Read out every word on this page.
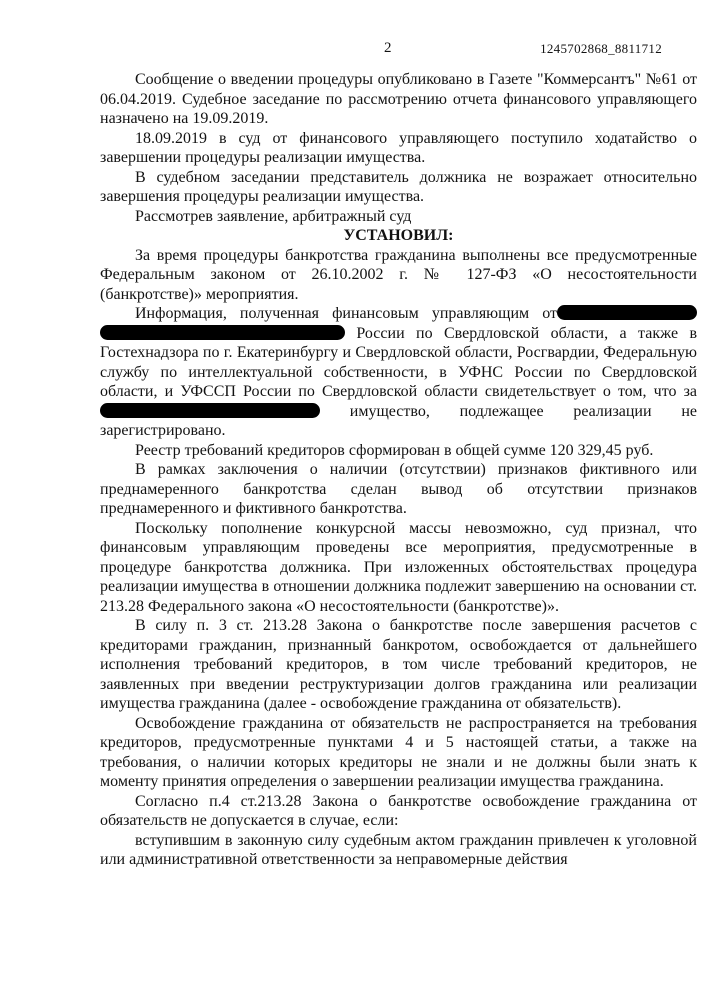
2	1245702868_8811712

Сообщение о введении процедуры опубликовано в Газете "Коммерсантъ" №61 от 06.04.2019. Судебное заседание по рассмотрению отчета финансового управляющего назначено на 19.09.2019.

18.09.2019 в суд от финансового управляющего поступило ходатайство о завершении процедуры реализации имущества.

В судебном заседании представитель должника не возражает относительно завершения процедуры реализации имущества.

Рассмотрев заявление, арбитражный суд

УСТАНОВИЛ:

За время процедуры банкротства гражданина выполнены все предусмотренные Федеральным законом от 26.10.2002 г. № 127-ФЗ «О несостоятельности (банкротстве)» мероприятия.

Информация, полученная финансовым управляющим от  России по Свердловской области, а также в Гостехнадзора по г. Екатеринбургу и Свердловской области, Росгвардии, Федеральную службу по интеллектуальной собственности, в УФНС России по Свердловской области, и УФССП России по Свердловской области свидетельствует о том, что за  имущество, подлежащее реализации не зарегистрировано.

Реестр требований кредиторов сформирован в общей сумме 120 329,45 руб.

В рамках заключения о наличии (отсутствии) признаков фиктивного или преднамеренного банкротства сделан вывод об отсутствии признаков преднамеренного и фиктивного банкротства.

Поскольку пополнение конкурсной массы невозможно, суд признал, что финансовым управляющим проведены все мероприятия, предусмотренные в процедуре банкротства должника. При изложенных обстоятельствах процедура реализации имущества в отношении должника подлежит завершению на основании ст. 213.28 Федерального закона «О несостоятельности (банкротстве)».

В силу п. 3 ст. 213.28 Закона о банкротстве после завершения расчетов с кредиторами гражданин, признанный банкротом, освобождается от дальнейшего исполнения требований кредиторов, в том числе требований кредиторов, не заявленных при введении реструктуризации долгов гражданина или реализации имущества гражданина (далее - освобождение гражданина от обязательств).

Освобождение гражданина от обязательств не распространяется на требования кредиторов, предусмотренные пунктами 4 и 5 настоящей статьи, а также на требования, о наличии которых кредиторы не знали и не должны были знать к моменту принятия определения о завершении реализации имущества гражданина.

Согласно п.4 ст.213.28 Закона о банкротстве освобождение гражданина от обязательств не допускается в случае, если:

вступившим в законную силу судебным актом гражданин привлечен к уголовной или административной ответственности за неправомерные действия
